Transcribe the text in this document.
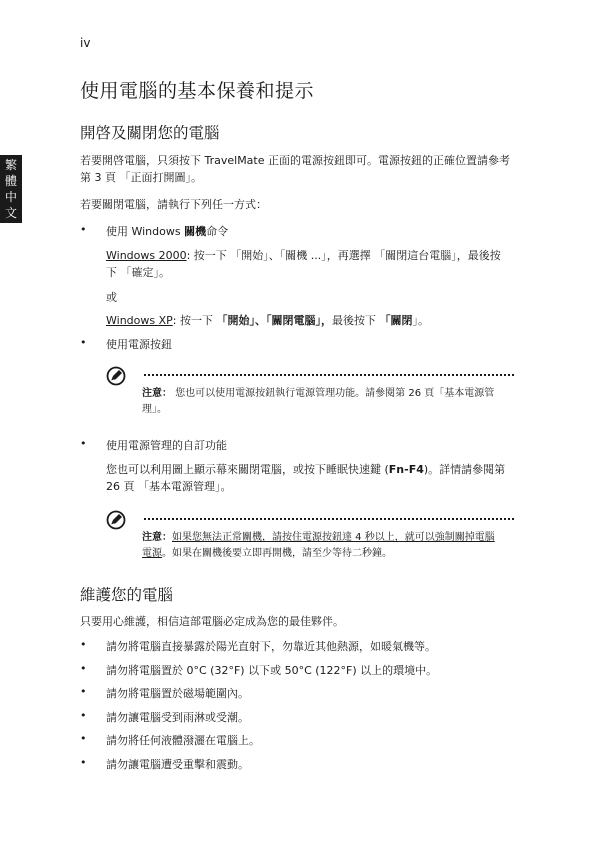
iv
繁
體
中
文
使用電腦的基本保養和提示
開啓及關閉您的電腦
若要開啓電腦，只須按下 TravelMate 正面的電源按鈕即可。電源按鈕的正確位置請參考第 3 頁 「正面打開圖」。
若要關閉電腦，請執行下列任一方式：
• 使用 Windows 關機命令
Windows 2000: 按一下 「開始」、「關機 ...」，再選擇 「關閉這台電腦」，最後按下 「確定」。
或
Windows XP: 按一下 「開始」、「關閉電腦」，最後按下 「關閉」。
• 使用電源按鈕
注意： 您也可以使用電源按鈕執行電源管理功能。請參閱第 26 頁「基本電源管理」。
• 使用電源管理的自訂功能
您也可以利用圖上顯示幕來關閉電腦，或按下睡眠快速鍵 (Fn-F4)。詳情請參閱第 26 頁 「基本電源管理」。
注意：如果您無法正常關機，請按住電源按鈕達 4 秒以上，就可以強制關掉電腦電源。如果在關機後要立即再開機，請至少等待二秒鐘。
維護您的電腦
只要用心維護，相信這部電腦必定成為您的最佳夥伴。
• 請勿將電腦直接暴露於陽光直射下，勿靠近其他熱源，如暖氣機等。
• 請勿將電腦置於 0°C (32°F) 以下或 50°C (122°F) 以上的環境中。
• 請勿將電腦置於磁場範圍內。
• 請勿讓電腦受到雨淋或受潮。
• 請勿將任何液體潑灑在電腦上。
• 請勿讓電腦遭受重擊和震動。
